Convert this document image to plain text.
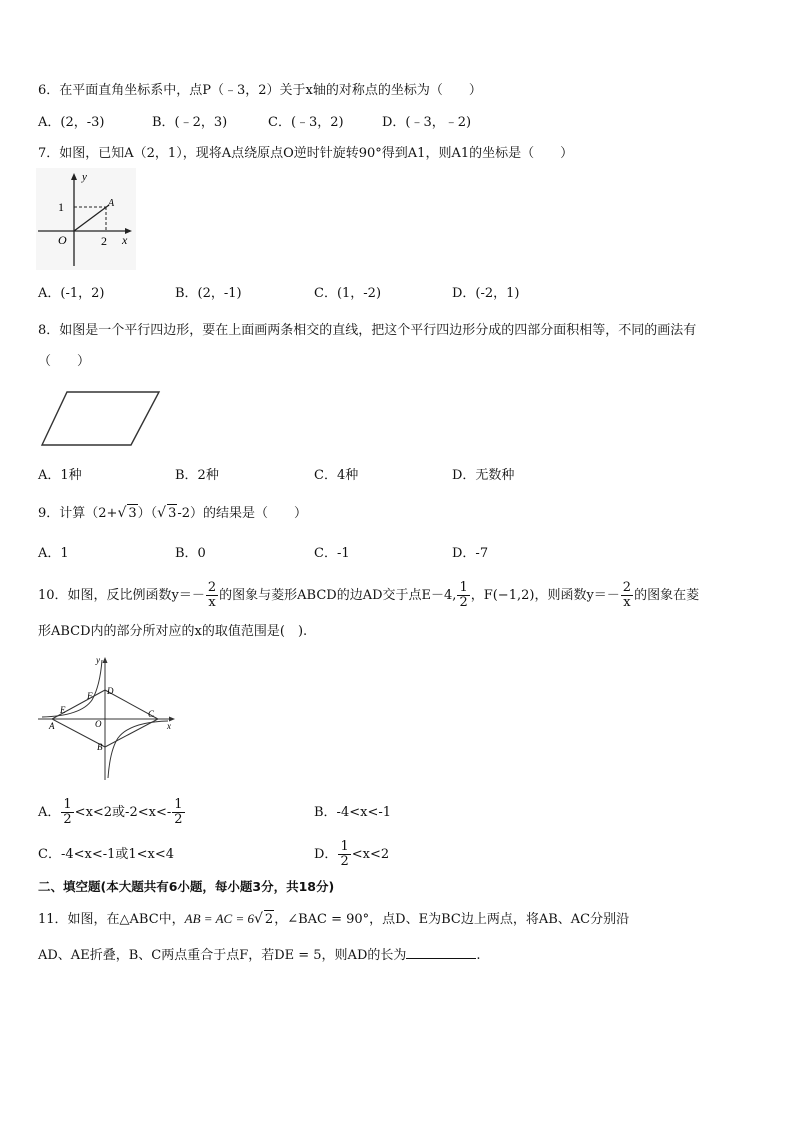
6．在平面直角坐标系中，点P（﹣3，2）关于x轴的对称点的坐标为（　　）
A．(2，-3)	B．(﹣2，3)	C．(﹣3，2)	D．(﹣3，﹣2)
7．如图，已知A（2，1），现将A点绕原点O逆时针旋转90°得到A1，则A1的坐标是（　　）
y
x
1
2
A
O
A．(-1，2)	B．(2，-1)	C．(1，-2)	D．(-2，1)
8．如图是一个平行四边形，要在上面画两条相交的直线，把这个平行四边形分成的四部分面积相等，不同的画法有
（　　）
A．1种	B．2种	C．4种	D．无数种
9．计算（2+√ 3）（√ 3-2）的结果是（　　）
A．1	B．0	C．-1	D．-7
10．如图，反比例函数$y=- \frac{2}{x}$ 的图象与菱形ABCD的边AD交于点E－4, $\frac{1}{2}$ ，F(−1,2)，则函数$y=- \frac{2}{x}$ 的图象在菱
形ABCD内的部分所对应的x的取值范围是(　).
y
x
A
B
C
D
E
F
O
A． $\frac{1}{2} <x<2$或$-2<x<- \frac{1}{2}$	B．-4<x<-1
C．-4<x<-1或1<x<4	D． $\frac{1}{2} <x<2$
二、填空题(本大题共有6小题，每小题3分，共18分)
11．如图，在△ABC中，AB = AC = 6√ 2，∠BAC = 90°，点D、E为BC边上两点，将AB、AC分别沿
AD、AE折叠，B、C两点重合于点F，若DE = 5，则AD的长为	.
